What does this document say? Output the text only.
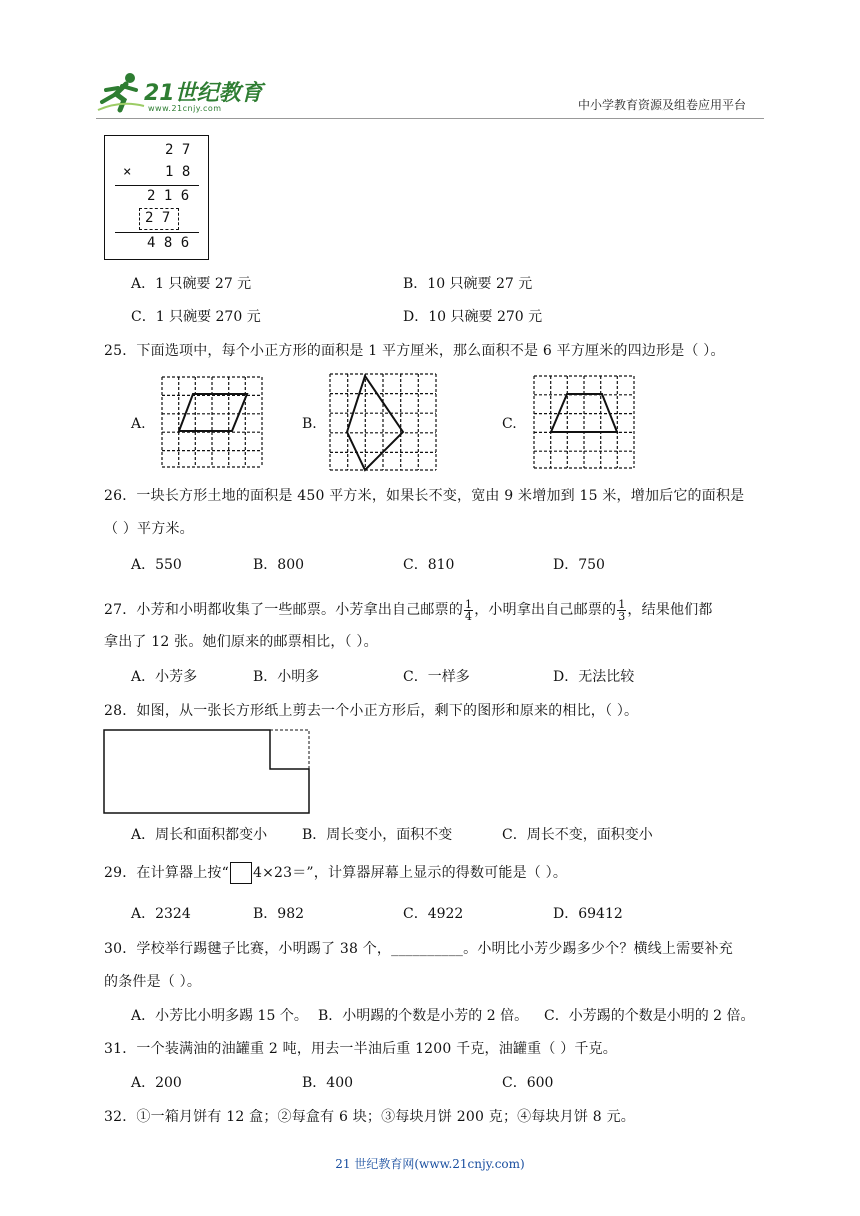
21世纪教育
www.21cnjy.com	中小学教育资源及组卷应用平台
2 7
× 1 8
2 1 6
2 7
4 8 6
A．1 只碗要 27 元	B．10 只碗要 27 元
C．1 只碗要 270 元	D．10 只碗要 270 元
25．下面选项中，每个小正方形的面积是 1 平方厘米，那么面积不是 6 平方厘米的四边形是（ ）。
A.	B.	C.
26．一块长方形土地的面积是 450 平方米，如果长不变，宽由 9 米增加到 15 米，增加后它的面积是
（ ）平方米。
A．550	B．800	C．810	D．750
27．小芳和小明都收集了一些邮票。小芳拿出自己邮票的 $\frac{1}{4}$ ，小明拿出自己邮票的 $\frac{1}{3}$ ，结果他们都
拿出了 12 张。她们原来的邮票相比，（ ）。
A．小芳多	B．小明多	C．一样多	D．无法比较
28．如图，从一张长方形纸上剪去一个小正方形后，剩下的图形和原来的相比，（ ）。
A．周长和面积都变小 B．周长变小，面积不变	C．周长不变，面积变小
29．在计算器上按“ 4×23＝”，计算器屏幕上显示的得数可能是（ ）。
A．2324	B．982	C．4922	D．69412
30．学校举行踢毽子比赛，小明踢了 38 个，__________。小明比小芳少踢多少个？横线上需要补充
的条件是（ ）。
A．小芳比小明多踢 15 个。 B．小明踢的个数是小芳的 2 倍。 C．小芳踢的个数是小明的 2 倍。
31．一个装满油的油罐重 2 吨，用去一半油后重 1200 千克，油罐重（ ）千克。
A．200	B．400	C．600
32．①一箱月饼有 12 盒；②每盒有 6 块；③每块月饼 200 克；④每块月饼 8 元。
21 世纪教育网(www.21cnjy.com)
